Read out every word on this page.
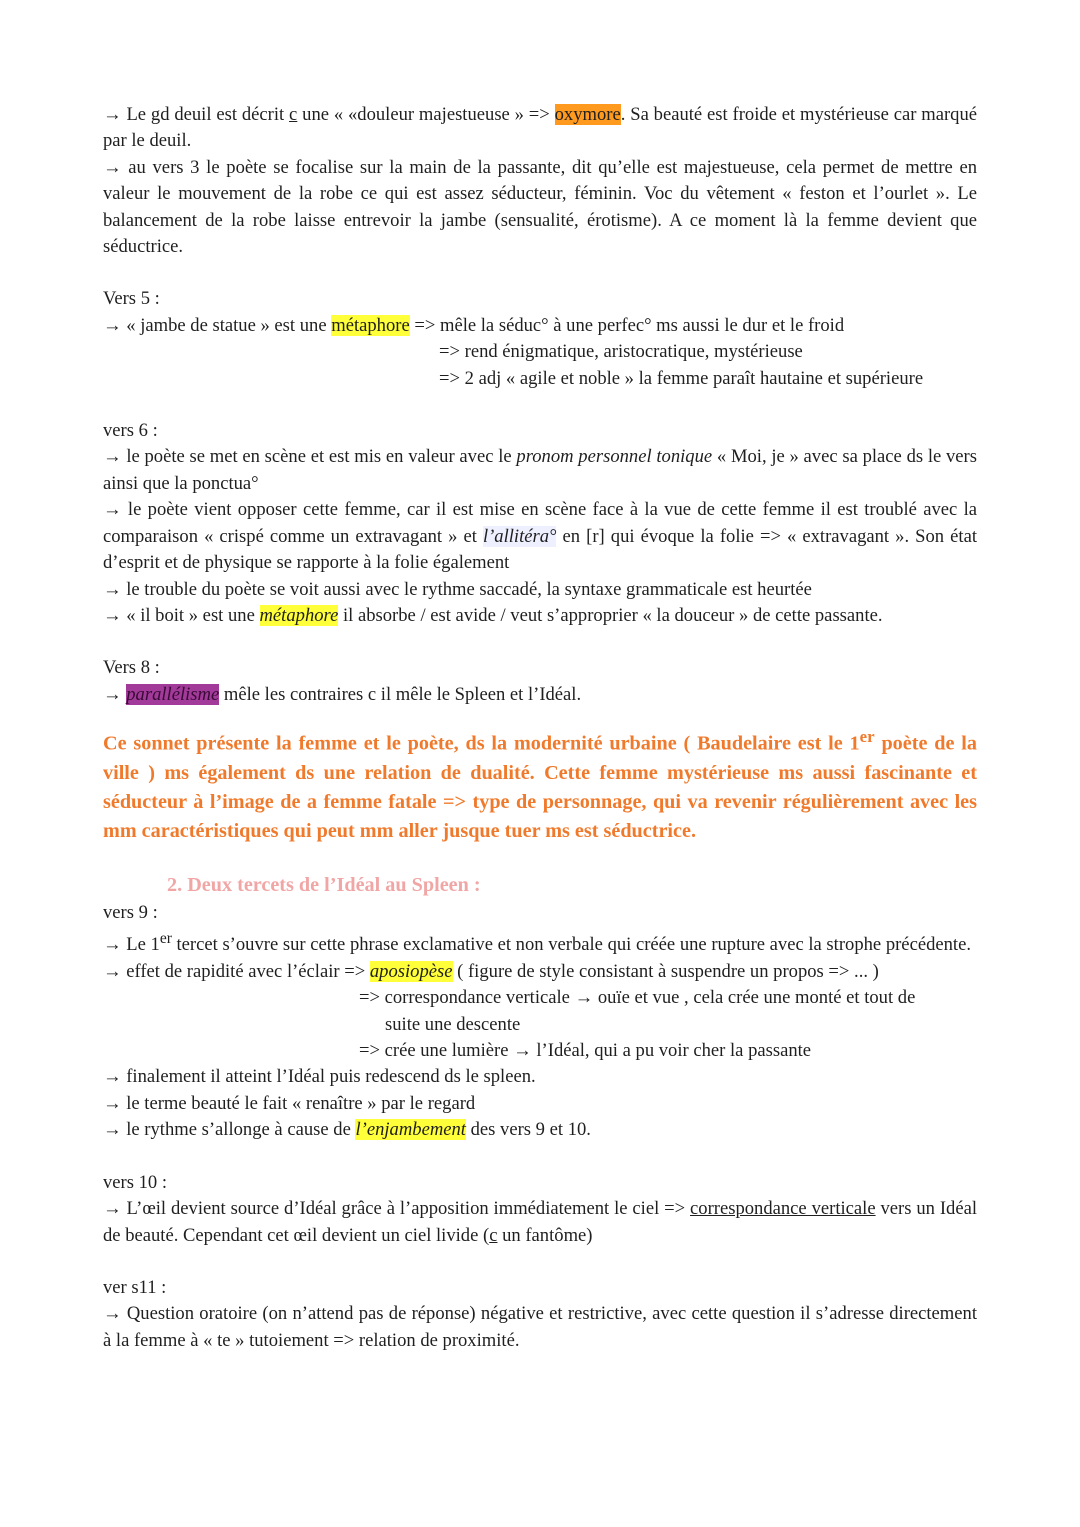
→ Le gd deuil est décrit c une « «douleur majestueuse » => oxymore. Sa beauté est froide et mystérieuse car marqué par le deuil.

→ au vers 3 le poète se focalise sur la main de la passante, dit qu’elle est majestueuse, cela permet de mettre en valeur le mouvement de la robe ce qui est assez séducteur, féminin. Voc du vêtement « feston et l’ourlet ». Le balancement de la robe laisse entrevoir la jambe (sensualité, érotisme). A ce moment là la femme devient que séductrice.

Vers 5 :

→ « jambe de statue » est une métaphore => mêle la séduc° à une perfec° ms aussi le dur et le froid

=> rend énigmatique, aristocratique, mystérieuse

=> 2 adj « agile et noble » la femme paraît hautaine et supérieure

vers 6 :

→ le poète se met en scène et est mis en valeur avec le pronom personnel tonique « Moi, je » avec sa place ds le vers ainsi que la ponctua°

→ le poète vient opposer cette femme, car il est mise en scène face à la vue de cette femme il est troublé avec la comparaison « crispé comme un extravagant » et l’allitéra° en [r] qui évoque la folie => « extravagant ». Son état d’esprit et de physique se rapporte à la folie également

→ le trouble du poète se voit aussi avec le rythme saccadé, la syntaxe grammaticale est heurtée

→ « il boit » est une métaphore il absorbe / est avide / veut s’approprier « la douceur » de cette passante.

Vers 8 :

→ parallélisme mêle les contraires c il mêle le Spleen et l’Idéal.

Ce sonnet présente la femme et le poète, ds la modernité urbaine ( Baudelaire est le 1er poète de la ville ) ms également ds une relation de dualité. Cette femme mystérieuse ms aussi fascinante et séducteur à l’image de a femme fatale => type de personnage, qui va revenir régulièrement avec les mm caractéristiques qui peut mm aller jusque tuer ms est séductrice.

2. Deux tercets de l’Idéal au Spleen :

vers 9 :

→ Le 1er tercet s’ouvre sur cette phrase exclamative et non verbale qui créée une rupture avec la strophe précédente.

→ effet de rapidité avec l’éclair => aposiopèse ( figure de style consistant à suspendre un propos => ... )

=> correspondance verticale → ouïe et vue , cela crée une monté et tout de

suite une descente

=> crée une lumière → l’Idéal, qui a pu voir cher la passante

→ finalement il atteint l’Idéal puis redescend ds le spleen.

→ le terme beauté le fait « renaître » par le regard

→ le rythme s’allonge à cause de l’enjambement des vers 9 et 10.

vers 10 :

→ L’œil devient source d’Idéal grâce à l’apposition immédiatement le ciel => correspondance verticale vers un Idéal de beauté. Cependant cet œil devient un ciel livide (c un fantôme)

ver s11 :

→ Question oratoire (on n’attend pas de réponse) négative et restrictive, avec cette question il s’adresse directement à la femme à « te » tutoiement => relation de proximité.
